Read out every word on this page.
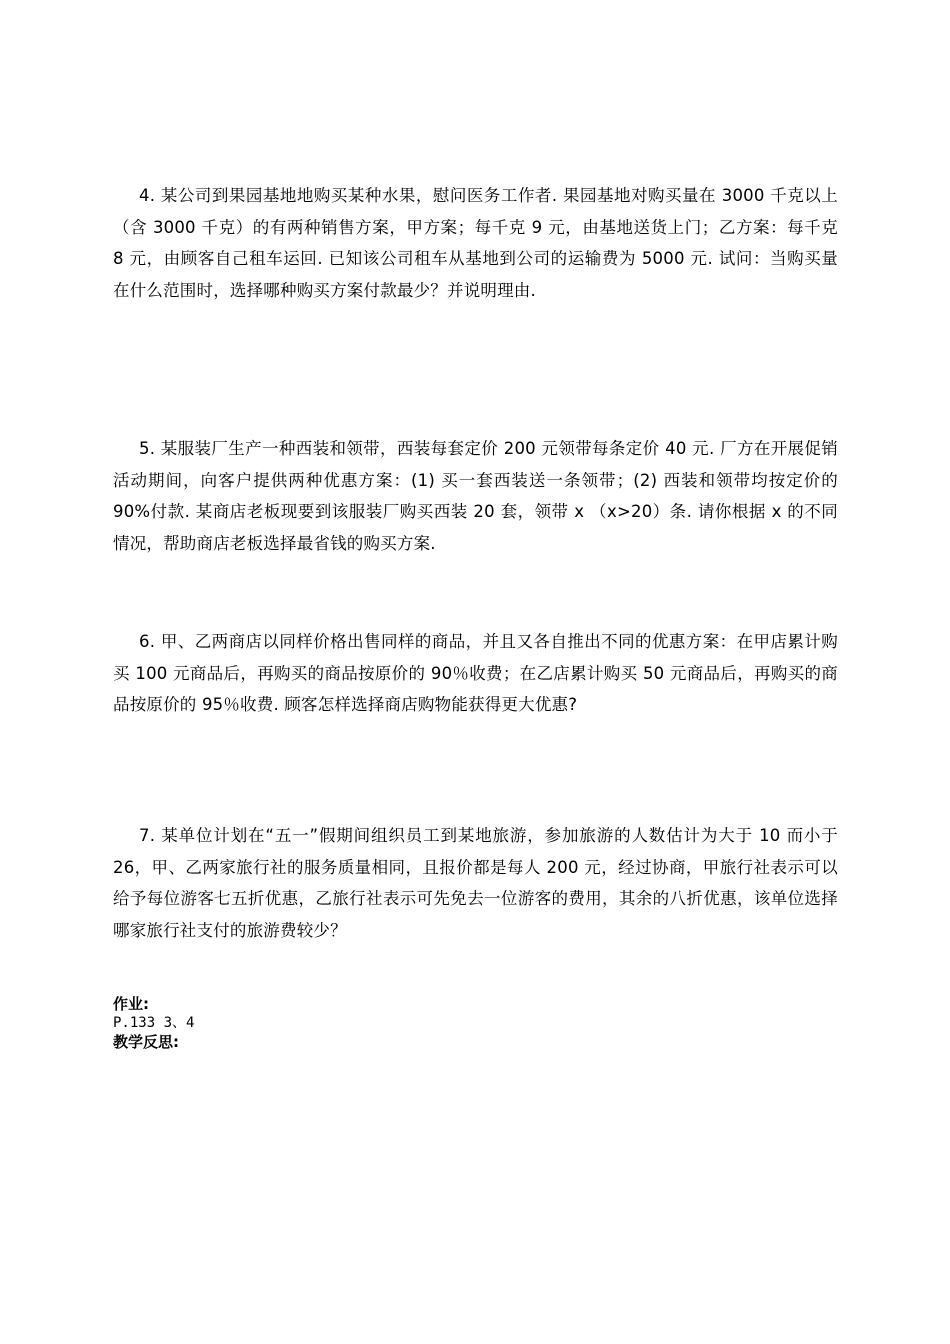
4. 某公司到果园基地地购买某种水果，慰问医务工作者. 果园基地对购买量在 3000 千克以上（含 3000 千克）的有两种销售方案，甲方案；每千克 9 元，由基地送货上门；乙方案：每千克 8 元，由顾客自己租车运回. 已知该公司租车从基地到公司的运输费为 5000 元. 试问：当购买量在什么范围时，选择哪种购买方案付款最少？并说明理由.

5. 某服装厂生产一种西装和领带，西装每套定价 200 元领带每条定价 40 元. 厂方在开展促销活动期间，向客户提供两种优惠方案：(1) 买一套西装送一条领带；(2) 西装和领带均按定价的 90%付款. 某商店老板现要到该服装厂购买西装 20 套，领带 x （x>20）条. 请你根据 x 的不同情况，帮助商店老板选择最省钱的购买方案.

6. 甲、乙两商店以同样价格出售同样的商品，并且又各自推出不同的优惠方案：在甲店累计购买 100 元商品后，再购买的商品按原价的 90％收费；在乙店累计购买 50 元商品后，再购买的商品按原价的 95％收费. 顾客怎样选择商店购物能获得更大优惠?

7. 某单位计划在“五一”假期间组织员工到某地旅游，参加旅游的人数估计为大于 10 而小于 26，甲、乙两家旅行社的服务质量相同，且报价都是每人 200 元，经过协商，甲旅行社表示可以给予每位游客七五折优惠，乙旅行社表示可先免去一位游客的费用，其余的八折优惠，该单位选择哪家旅行社支付的旅游费较少？

作业:
P.133 3、4
教学反思:
